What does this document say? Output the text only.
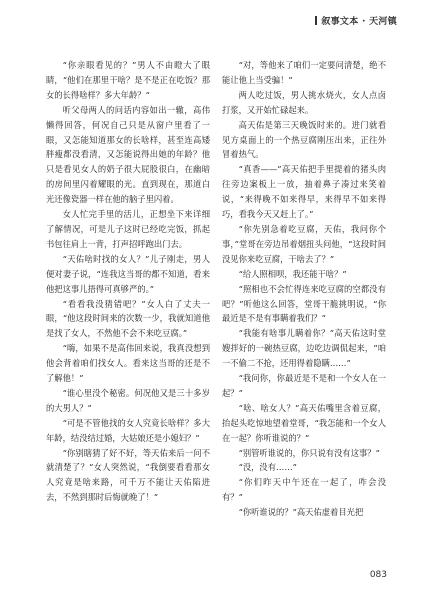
叙事文本 · 天河镇

“你亲眼看见的？”男人不由瞪大了眼睛，“他们在那里干啥？是不是正在吃饭？那女的长得啥样？多大年龄？”

听父母两人的问话内容如出一辙，高伟懒得回答，何况自己只是从窗户里看了一眼，又怎能知道那女的长啥样，甚至连高矮胖瘦都没看清，又怎能说得出她的年龄？他只是看见女人的奶子很大屁股很白，在幽暗的房间里闪着耀眼的光。直到现在，那道白光还像瓷器一样在他的脑子里闪着。

女人忙完手里的活儿，正想坐下来详细了解情况，可是儿子这时已经吃完饭，抓起书包往肩上一背，打声招呼跑出门去。

“天佑啥时找的女人？”儿子刚走，男人便对妻子说，“连我这当哥的都不知道，看来他把这事儿捂得可真够严的。”

“看看我没猜错吧？”女人白了丈夫一眼，“他这段时间来的次数一少，我就知道他是找了女人，不然他不会不来吃豆腐。”

“嗨，如果不是高伟回来说，我真没想到他会背着咱们找女人。看来这当哥的还是不了解他！”

“谁心里没个秘密。何况他又是三十多岁的大男人？”

“可是不管他找的女人究竟长啥样？多大年龄，结没结过婚，大姑娘还是小媳妇？”

“你别瞎猜了好不好，等天佑来后一问不就清楚了？”女人突然说，“我倒要看看那女人究竟是啥来路，可千万不能让天佑陷进去，不然到那时后悔就晚了！”

“对，等他来了咱们一定要问清楚，绝不能让他上当受骗！”

两人吃过饭，男人挑水烧火，女人点卤打浆，又开始忙碌起来。

高天佑是第三天晚饭时来的。进门就看见方桌面上的一个热豆腐刚压出来，正往外冒着热气。

“真香——”高天佑把手里提着的猪头肉往旁边案板上一放，抽着鼻子凑过来笑着说，“来得晚不如来得早，来得早不如来得巧，看我今天又赶上了。”

“你先别急着吃豆腐，天佑，我问你个事，”堂哥在旁边吊着烟扭头问他，“这段时间没见你来吃豆腐，干啥去了？”

“给人照相呗，我还能干啥？”

“照相也不会忙得连来吃豆腐的空都没有吧？”听他这么回答，堂哥干脆挑明说，“你最近是不是有事瞒着我们？”

“我能有啥事儿瞒着你？”高天佑这时堂嫂拌好的一碗热豆腐，边吃边调侃起来，“咱一不偷二不抢，还用得着隐瞒……”

“我问你，你最近是不是和一个女人在一起？”

“啥、啥女人？”高天佑嘴里含着豆腐，抬起头吃惊地望着堂哥，“我怎能和一个女人在一起？你听谁说的？”

“别管听谁说的，你只说有没有这事？”

“没，没有……”

“你们昨天中午还在一起了，咋会没有？”

“你听谁说的？”高天佑虚着目光把

083
